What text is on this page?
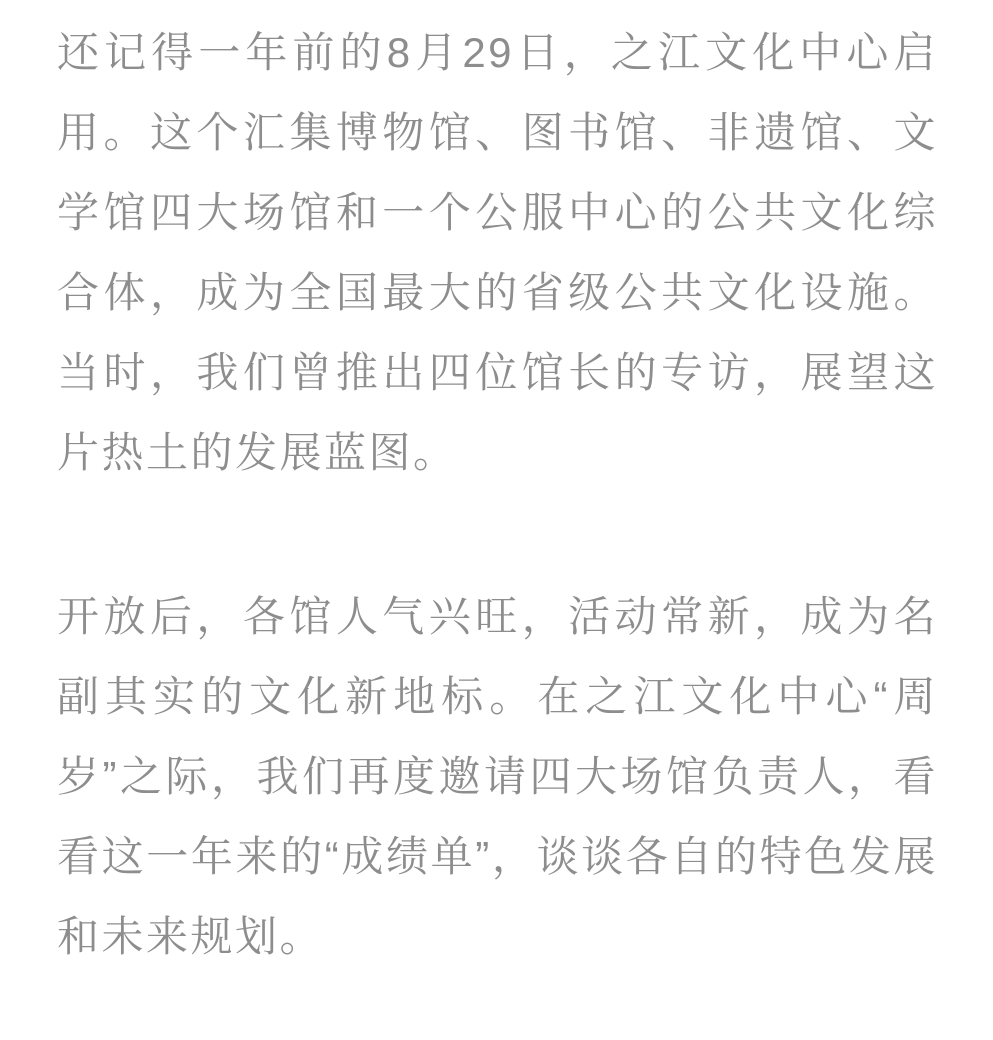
还记得一年前的8月29日，之江文化中心启用。这个汇集博物馆、图书馆、非遗馆、文学馆四大场馆和一个公服中心的公共文化综合体，成为全国最大的省级公共文化设施。当时，我们曾推出四位馆长的专访，展望这片热土的发展蓝图。

开放后，各馆人气兴旺，活动常新，成为名副其实的文化新地标。在之江文化中心“周岁”之际，我们再度邀请四大场馆负责人，看看这一年来的“成绩单”，谈谈各自的特色发展和未来规划。
